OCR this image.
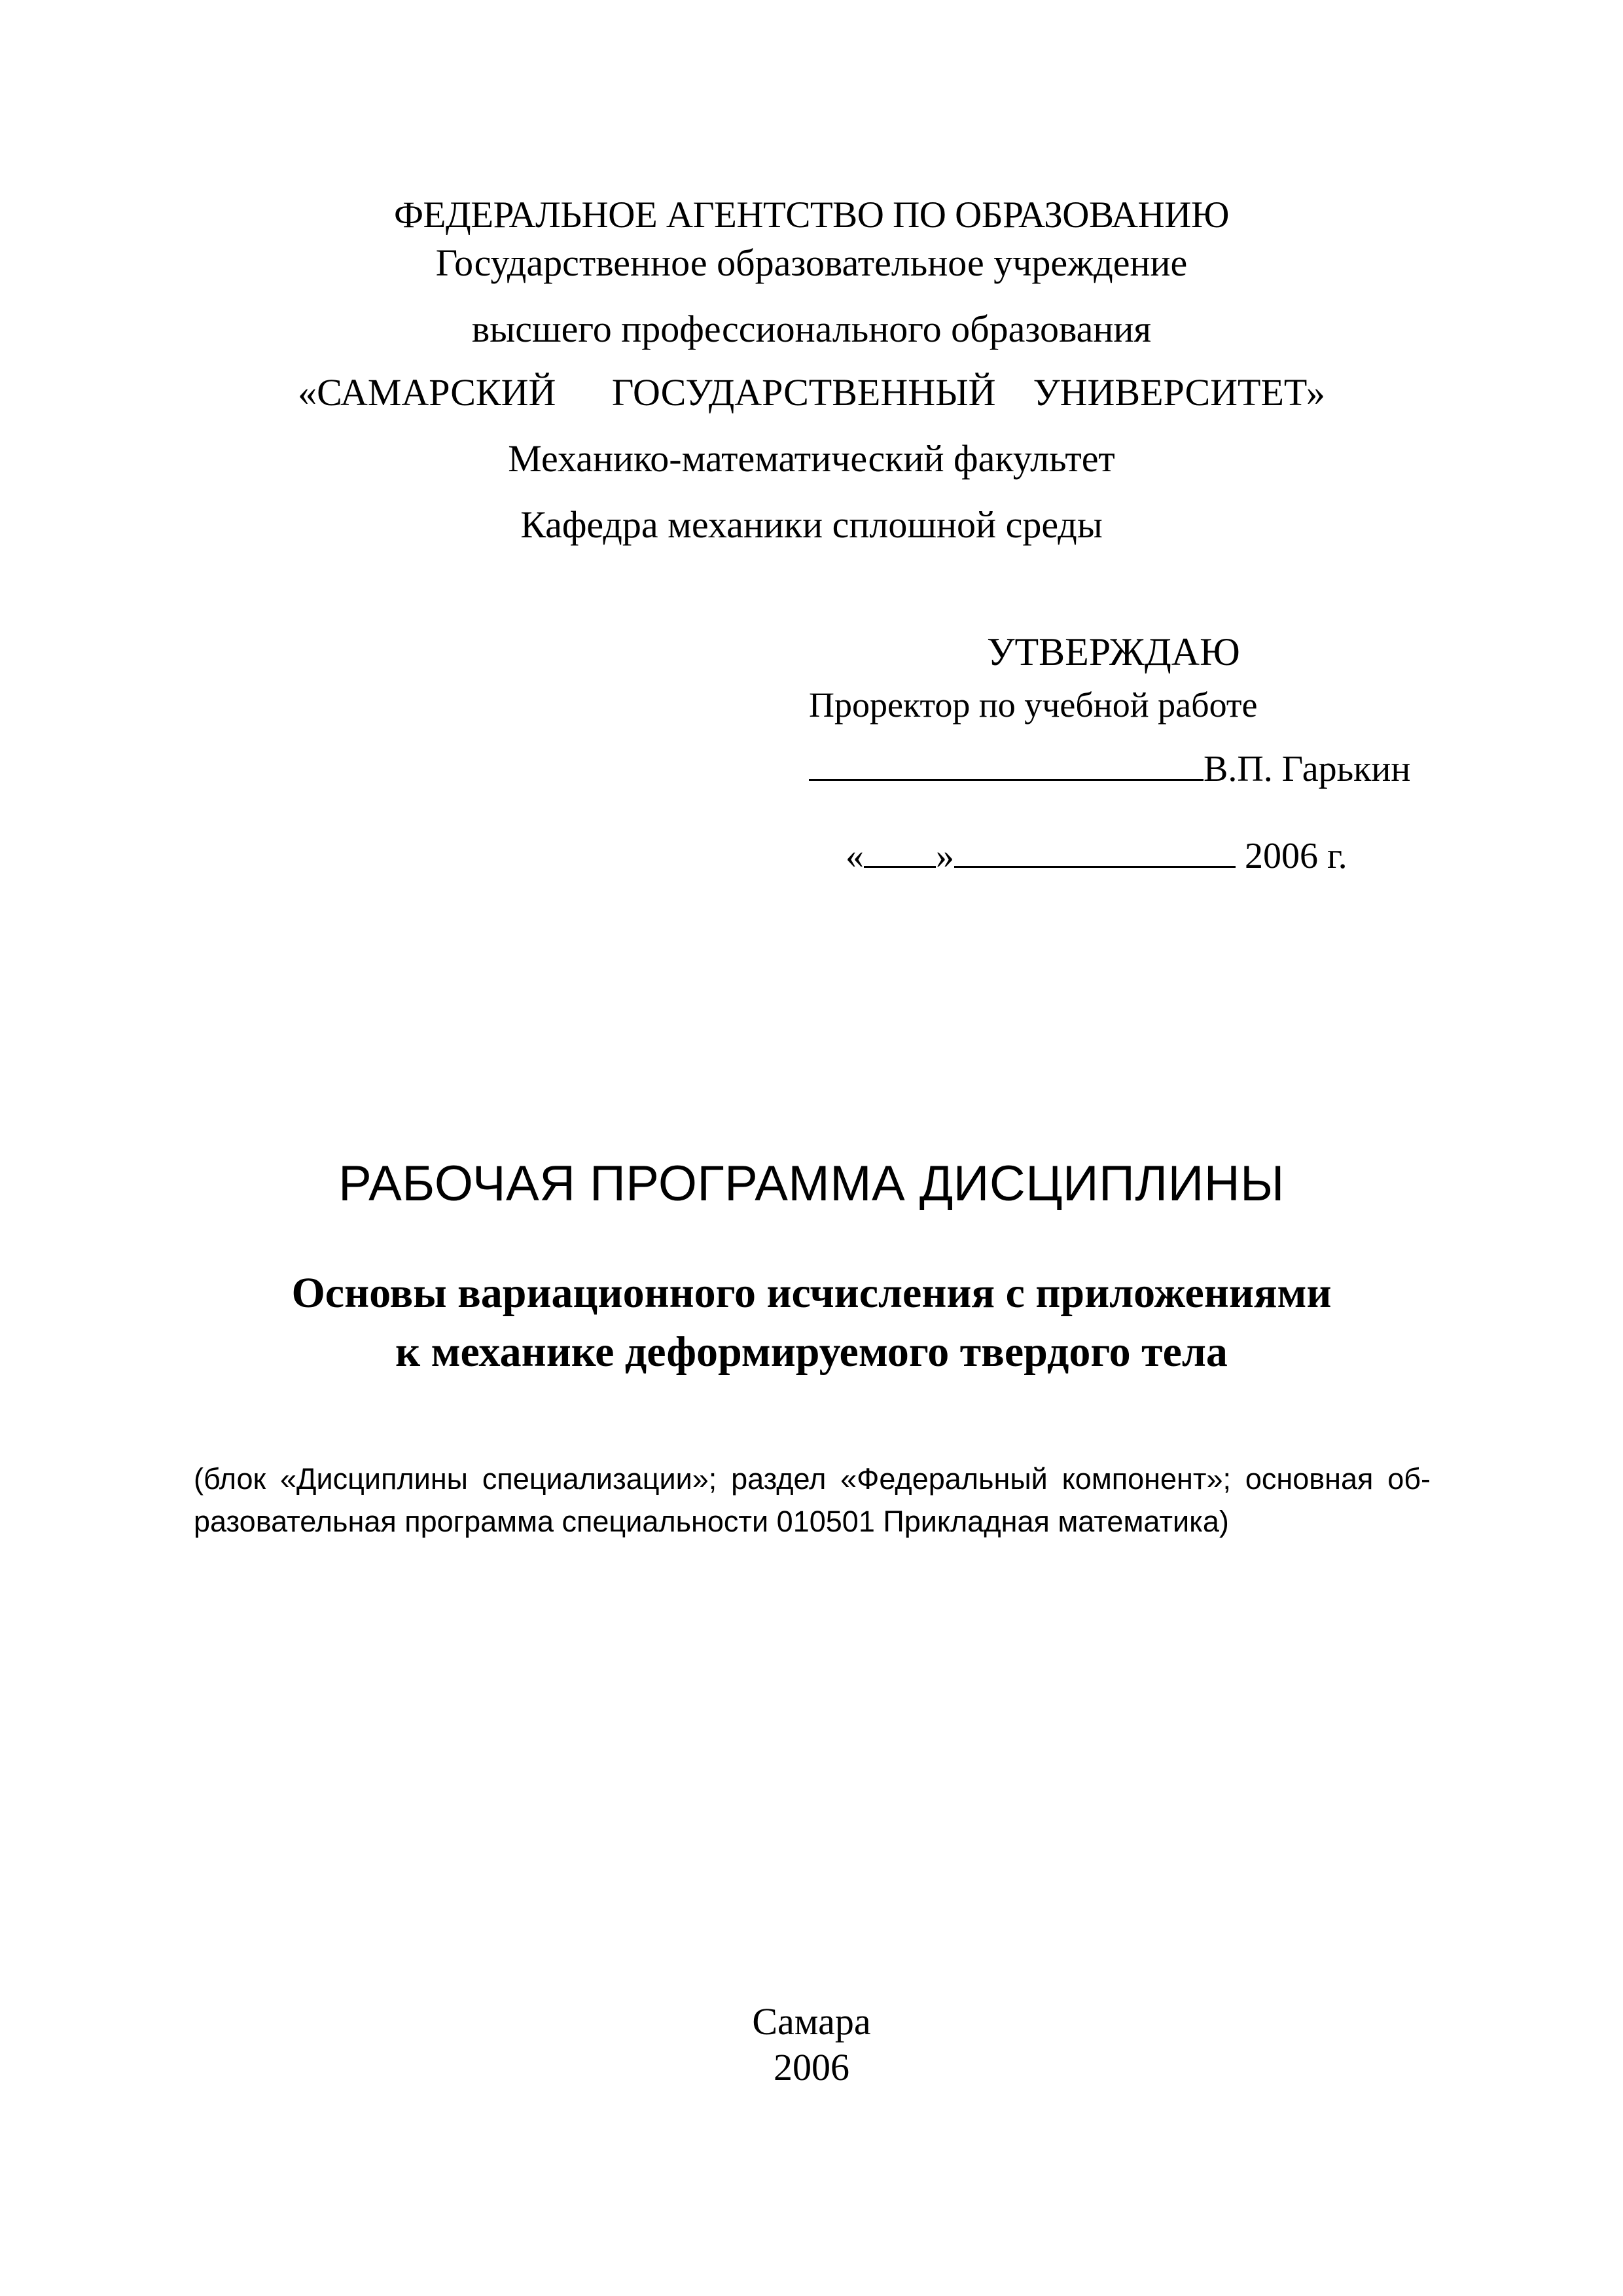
ФЕДЕРАЛЬНОЕ АГЕНТСТВО ПО ОБРАЗОВАНИЮ
Государственное образовательное учреждение
высшего профессионального образования
«САМАРСКИЙ   ГОСУДАРСТВЕННЫЙ  УНИВЕРСИТЕТ»
Механико-математический факультет
Кафедра механики сплошной среды
УТВЕРЖДАЮ
Проректор по учебной работе
В.П. Гарькин

« »	2006 г.

РАБОЧАЯ ПРОГРАММА ДИСЦИПЛИНЫ
Основы вариационного исчисления с приложениями
к механике деформируемого твердого тела
(блок «Дисциплины специализации»; раздел «Федеральный компонент»; основная об-
разовательная программа специальности 010501 Прикладная математика)
Самара
2006
